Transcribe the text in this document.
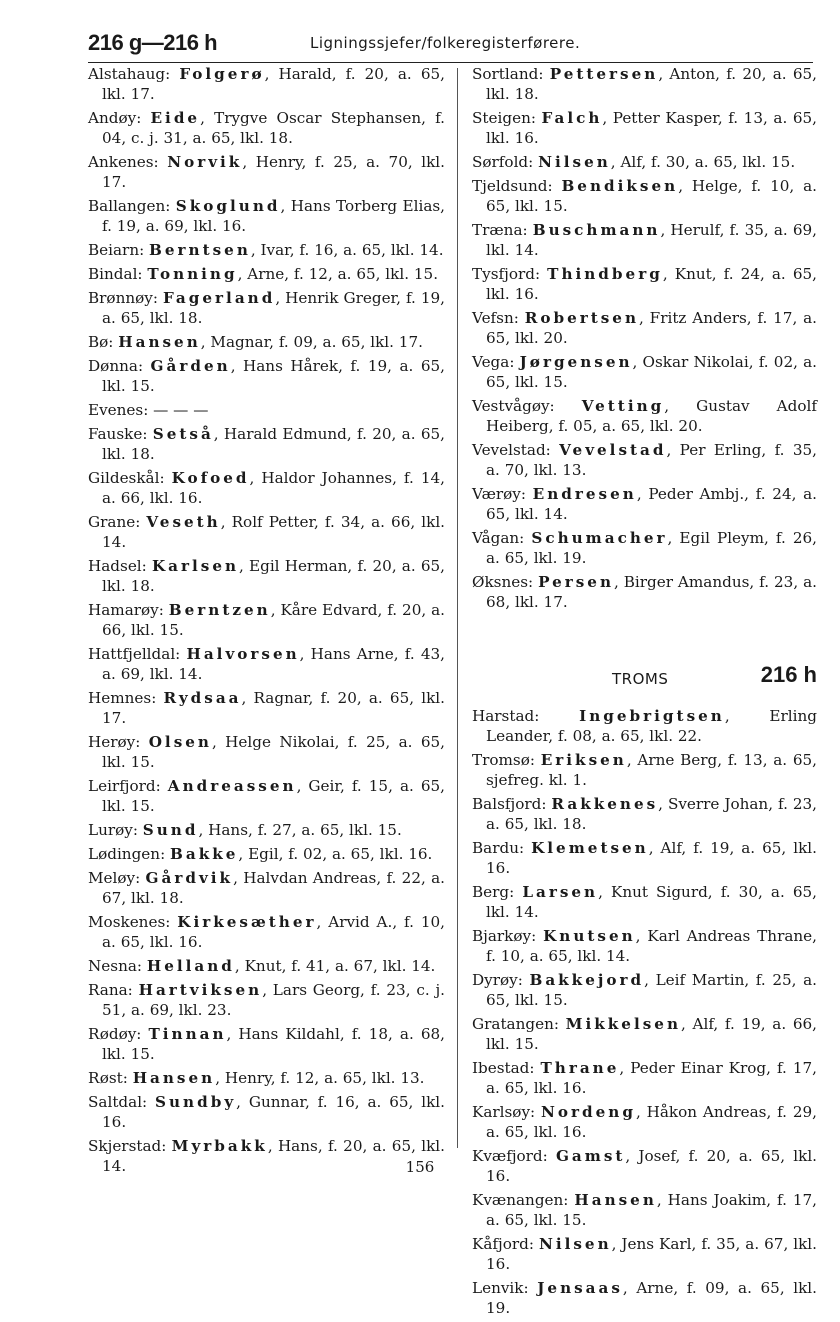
216 g—216 h	Ligningssjefer/folkeregisterførere.

Alstahaug: Folgerø, Harald, f. 20, a. 65, lkl. 17.

Andøy: Eide, Trygve Oscar Stephansen, f. 04, c. j. 31, a. 65, lkl. 18.

Ankenes: Norvik, Henry, f. 25, a. 70, lkl. 17.

Ballangen: Skoglund, Hans Torberg Elias, f. 19, a. 69, lkl. 16.

Beiarn: Berntsen, Ivar, f. 16, a. 65, lkl. 14.

Bindal: Tonning, Arne, f. 12, a. 65, lkl. 15.

Brønnøy: Fagerland, Henrik Greger, f. 19, a. 65, lkl. 18.

Bø: Hansen, Magnar, f. 09, a. 65, lkl. 17.

Dønna: Gården, Hans Hårek, f. 19, a. 65, lkl. 15.

Evenes: — — —

Fauske: Setså, Harald Edmund, f. 20, a. 65, lkl. 18.

Gildeskål: Kofoed, Haldor Johannes, f. 14, a. 66, lkl. 16.

Grane: Veseth, Rolf Petter, f. 34, a. 66, lkl. 14.

Hadsel: Karlsen, Egil Herman, f. 20, a. 65, lkl. 18.

Hamarøy: Berntzen, Kåre Edvard, f. 20, a. 66, lkl. 15.

Hattfjelldal: Halvorsen, Hans Arne, f. 43, a. 69, lkl. 14.

Hemnes: Rydsaa, Ragnar, f. 20, a. 65, lkl. 17.

Herøy: Olsen, Helge Nikolai, f. 25, a. 65, lkl. 15.

Leirfjord: Andreassen, Geir, f. 15, a. 65, lkl. 15.

Lurøy: Sund, Hans, f. 27, a. 65, lkl. 15.

Lødingen: Bakke, Egil, f. 02, a. 65, lkl. 16.

Meløy: Gårdvik, Halvdan Andreas, f. 22, a. 67, lkl. 18.

Moskenes: Kirkesæther, Arvid A., f. 10, a. 65, lkl. 16.

Nesna: Helland, Knut, f. 41, a. 67, lkl. 14.

Rana: Hartviksen, Lars Georg, f. 23, c. j. 51, a. 69, lkl. 23.

Rødøy: Tinnan, Hans Kildahl, f. 18, a. 68, lkl. 15.

Røst: Hansen, Henry, f. 12, a. 65, lkl. 13.

Saltdal: Sundby, Gunnar, f. 16, a. 65, lkl. 16.

Skjerstad: Myrbakk, Hans, f. 20, a. 65, lkl. 14.

Sortland: Pettersen, Anton, f. 20, a. 65, lkl. 18.

Steigen: Falch, Petter Kasper, f. 13, a. 65, lkl. 16.

Sørfold: Nilsen, Alf, f. 30, a. 65, lkl. 15.

Tjeldsund: Bendiksen, Helge, f. 10, a. 65, lkl. 15.

Træna: Buschmann, Herulf, f. 35, a. 69, lkl. 14.

Tysfjord: Thindberg, Knut, f. 24, a. 65, lkl. 16.

Vefsn: Robertsen, Fritz Anders, f. 17, a. 65, lkl. 20.

Vega: Jørgensen, Oskar Nikolai, f. 02, a. 65, lkl. 15.

Vestvågøy: Vetting, Gustav Adolf Heiberg, f. 05, a. 65, lkl. 20.

Vevelstad: Vevelstad, Per Erling, f. 35, a. 70, lkl. 13.

Værøy: Endresen, Peder Ambj., f. 24, a. 65, lkl. 14.

Vågan: Schumacher, Egil Pleym, f. 26, a. 65, lkl. 19.

Øksnes: Persen, Birger Amandus, f. 23, a. 68, lkl. 17.

TROMS	216 h

Harstad: Ingebrigtsen, Erling Leander, f. 08, a. 65, lkl. 22.

Tromsø: Eriksen, Arne Berg, f. 13, a. 65, sjefreg. kl. 1.

Balsfjord: Rakkenes, Sverre Johan, f. 23, a. 65, lkl. 18.

Bardu: Klemetsen, Alf, f. 19, a. 65, lkl. 16.

Berg: Larsen, Knut Sigurd, f. 30, a. 65, lkl. 14.

Bjarkøy: Knutsen, Karl Andreas Thrane, f. 10, a. 65, lkl. 14.

Dyrøy: Bakkejord, Leif Martin, f. 25, a. 65, lkl. 15.

Gratangen: Mikkelsen, Alf, f. 19, a. 66, lkl. 15.

Ibestad: Thrane, Peder Einar Krog, f. 17, a. 65, lkl. 16.

Karlsøy: Nordeng, Håkon Andreas, f. 29, a. 65, lkl. 16.

Kvæfjord: Gamst, Josef, f. 20, a. 65, lkl. 16.

Kvænangen: Hansen, Hans Joakim, f. 17, a. 65, lkl. 15.

Kåfjord: Nilsen, Jens Karl, f. 35, a. 67, lkl. 16.

Lenvik: Jensaas, Arne, f. 09, a. 65, lkl. 19.

156
